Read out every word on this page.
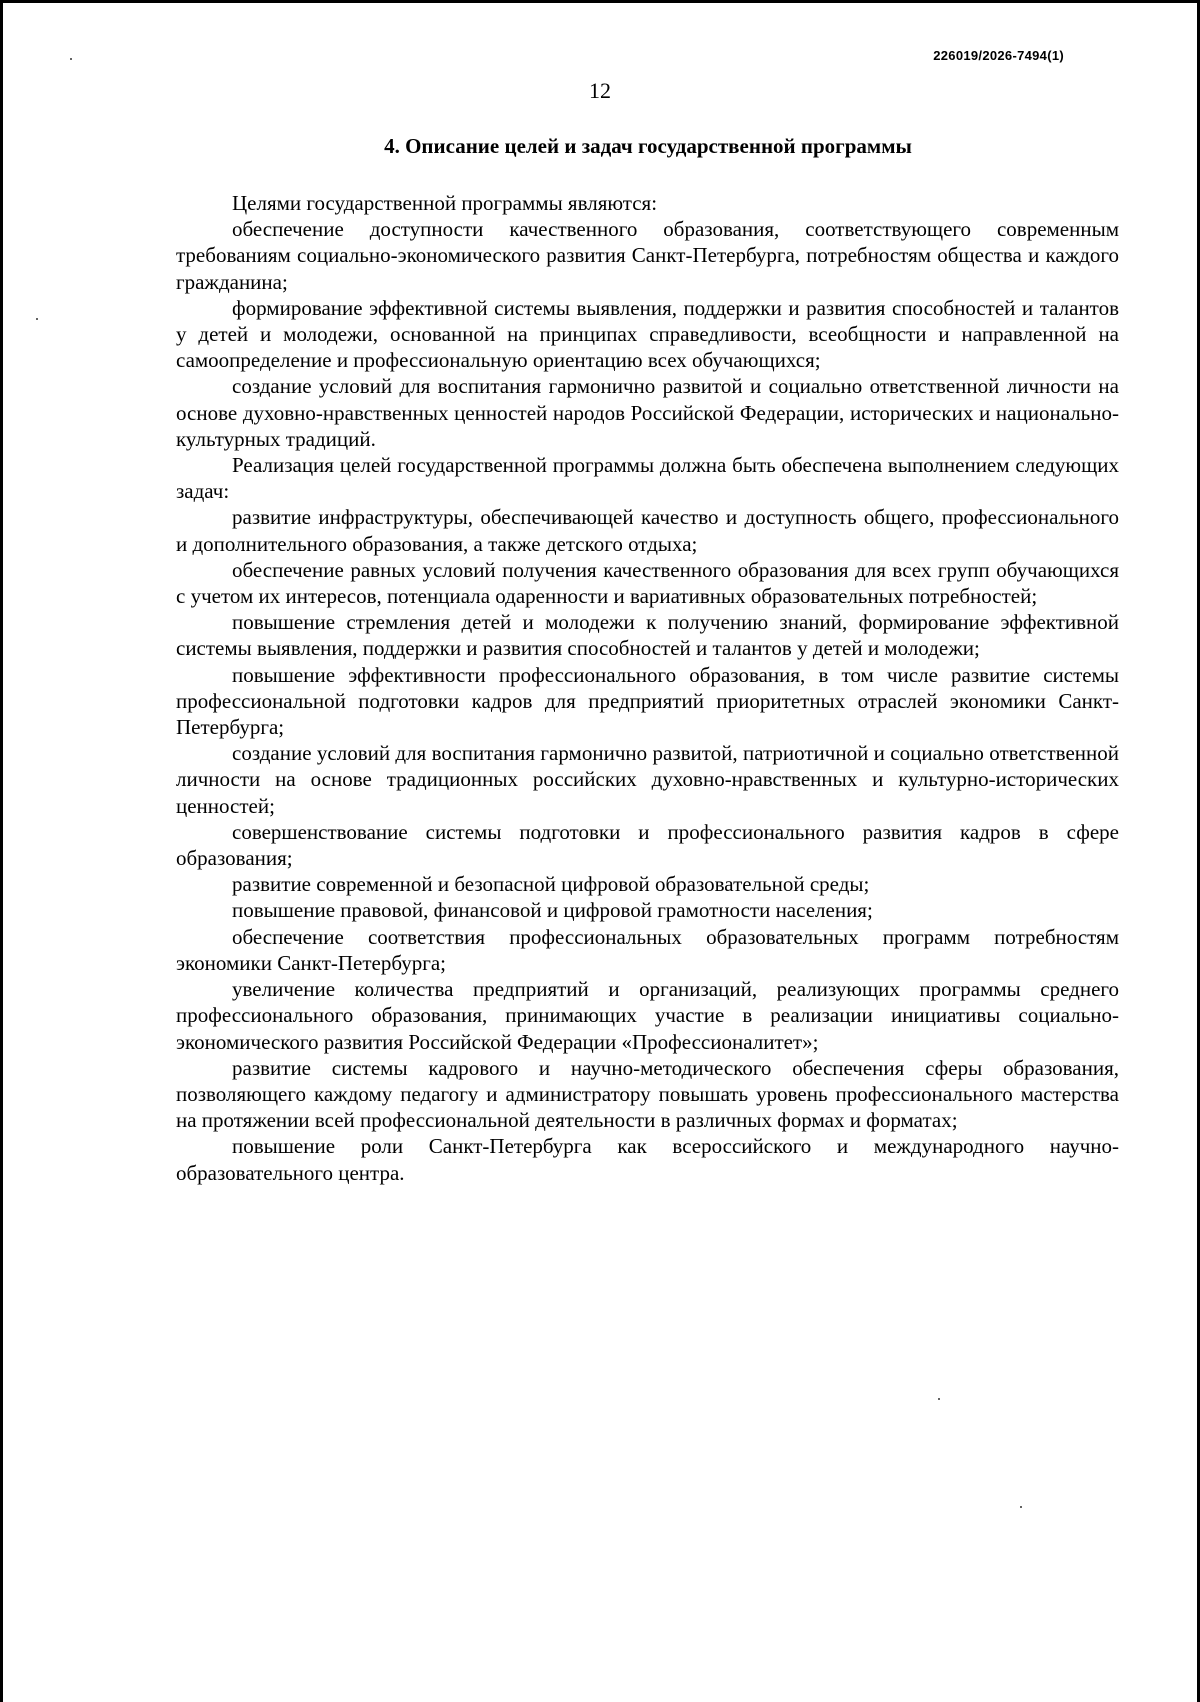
226019/2026-7494(1)
12
4. Описание целей и задач государственной программы

Целями государственной программы являются:

обеспечение доступности качественного образования, соответствующего современным требованиям социально-экономического развития Санкт-Петербурга, потребностям общества и каждого гражданина;

формирование эффективной системы выявления, поддержки и развития способностей и талантов у детей и молодежи, основанной на принципах справедливости, всеобщности и направленной на самоопределение и профессиональную ориентацию всех обучающихся;

создание условий для воспитания гармонично развитой и социально ответственной личности на основе духовно-нравственных ценностей народов Российской Федерации, исторических и национально-культурных традиций.

Реализация целей государственной программы должна быть обеспечена выполнением следующих задач:

развитие инфраструктуры, обеспечивающей качество и доступность общего, профессионального и дополнительного образования, а также детского отдыха;

обеспечение равных условий получения качественного образования для всех групп обучающихся с учетом их интересов, потенциала одаренности и вариативных образовательных потребностей;

повышение стремления детей и молодежи к получению знаний, формирование эффективной системы выявления, поддержки и развития способностей и талантов у детей и молодежи;

повышение эффективности профессионального образования, в том числе развитие системы профессиональной подготовки кадров для предприятий приоритетных отраслей экономики Санкт-Петербурга;

создание условий для воспитания гармонично развитой, патриотичной и социально ответственной личности на основе традиционных российских духовно-нравственных и культурно-исторических ценностей;

совершенствование системы подготовки и профессионального развития кадров в сфере образования;

развитие современной и безопасной цифровой образовательной среды;

повышение правовой, финансовой и цифровой грамотности населения;

обеспечение соответствия профессиональных образовательных программ потребностям экономики Санкт-Петербурга;

увеличение количества предприятий и организаций, реализующих программы среднего профессионального образования, принимающих участие в реализации инициативы социально-экономического развития Российской Федерации «Профессионалитет»;

развитие системы кадрового и научно-методического обеспечения сферы образования, позволяющего каждому педагогу и администратору повышать уровень профессионального мастерства на протяжении всей профессиональной деятельности в различных формах и форматах;

повышение роли Санкт-Петербурга как всероссийского и международного научно-образовательного центра.
